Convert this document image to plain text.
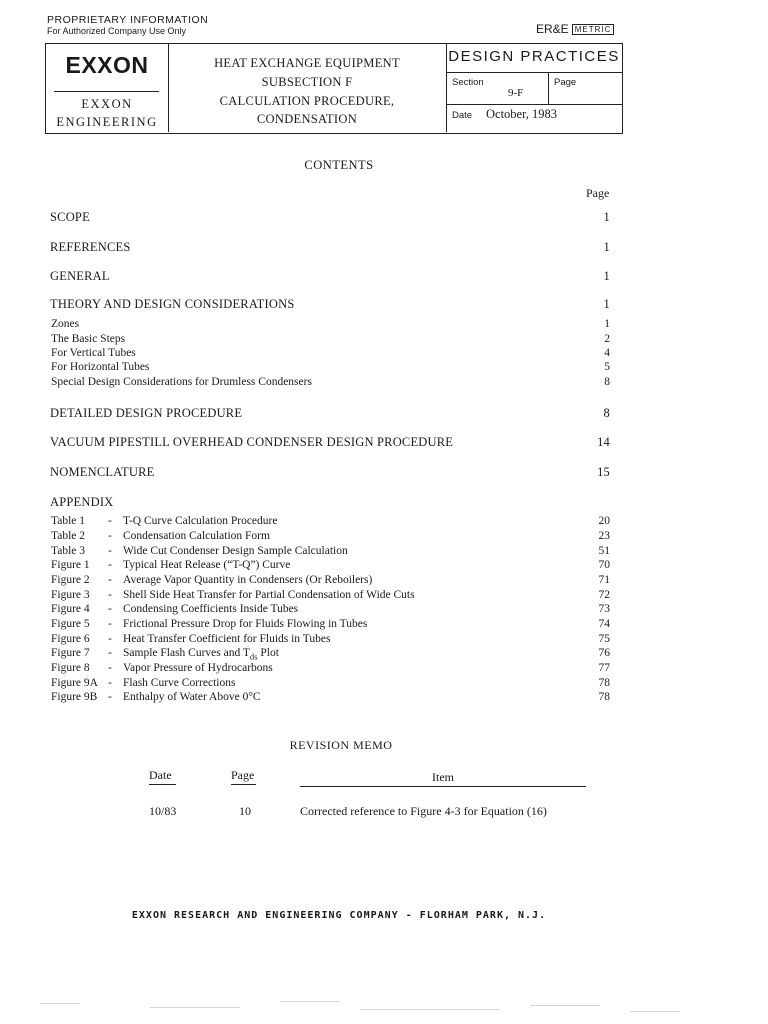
PROPRIETARY INFORMATION
For Authorized Company Use Only	ER&E METRIC
EXXON
EXXON
ENGINEERING
HEAT EXCHANGE EQUIPMENT
SUBSECTION F
CALCULATION PROCEDURE,
CONDENSATION
DESIGN PRACTICES
Section
9-F
Page
Date October, 1983
CONTENTS
Page
SCOPE	1
REFERENCES	1
GENERAL	1
THEORY AND DESIGN CONSIDERATIONS	1
Zones	1
The Basic Steps	2
For Vertical Tubes	4
For Horizontal Tubes	5
Special Design Considerations for Drumless Condensers	8
DETAILED DESIGN PROCEDURE	8
VACUUM PIPESTILL OVERHEAD CONDENSER DESIGN PROCEDURE	14
NOMENCLATURE	15
APPENDIX
Table 1 - T-Q Curve Calculation Procedure	20
Table 2 - Condensation Calculation Form	23
Table 3 - Wide Cut Condenser Design Sample Calculation	51
Figure 1 - Typical Heat Release (“T-Q”) Curve	70
Figure 2 - Average Vapor Quantity in Condensers (Or Reboilers)	71
Figure 3 - Shell Side Heat Transfer for Partial Condensation of Wide Cuts	72
Figure 4 - Condensing Coefficients Inside Tubes	73
Figure 5 - Frictional Pressure Drop for Fluids Flowing in Tubes	74
Figure 6 - Heat Transfer Coefficient for Fluids in Tubes	75
Figure 7 - Sample Flash Curves and $T_{ds}$ Plot	76
Figure 8 - Vapor Pressure of Hydrocarbons	77
Figure 9A - Flash Curve Corrections	78
Figure 9B - Enthalpy of Water Above 0°C	78
REVISION MEMO
Date	Page	Item
10/83	10	Corrected reference to Figure 4-3 for Equation (16)
EXXON RESEARCH AND ENGINEERING COMPANY - FLORHAM PARK, N.J.
